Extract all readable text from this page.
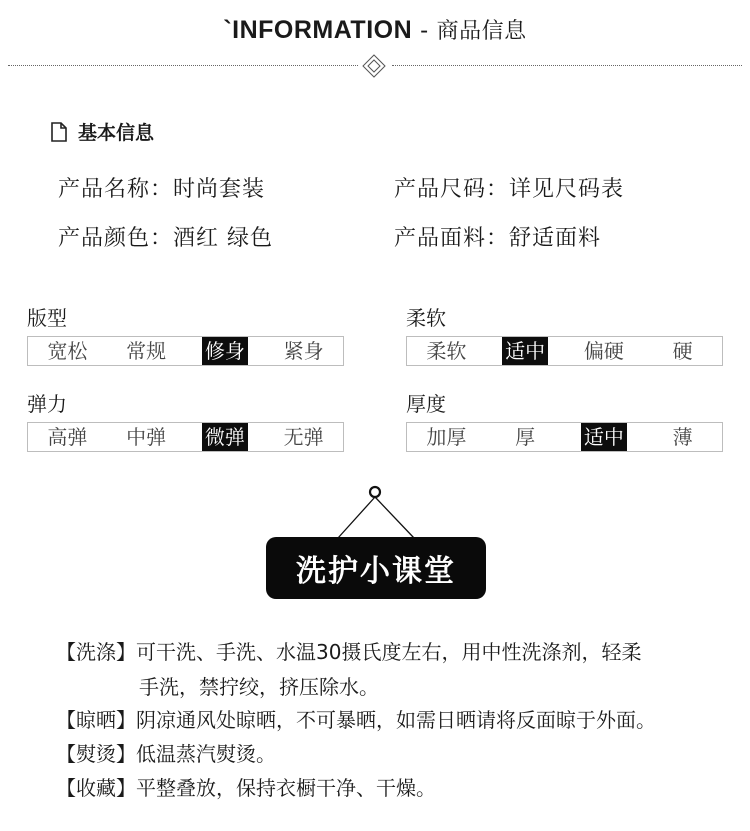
`INFORMATION - 商品信息
基本信息
产品名称：时尚套装	产品尺码：详见尺码表
产品颜色：酒红 绿色	产品面料：舒适面料
版型
宽松 常规 修身 紧身
柔软
柔软 适中 偏硬 硬
弹力
高弹 中弹 微弹 无弹
厚度
加厚 厚 适中 薄
洗护小课堂
【洗涤】可干洗、手洗、水温30摄氏度左右，用中性洗涤剂，轻柔
手洗，禁拧绞，挤压除水。
【晾晒】阴凉通风处晾晒，不可暴晒，如需日晒请将反面晾于外面。
【熨烫】低温蒸汽熨烫。
【收藏】平整叠放，保持衣橱干净、干燥。
